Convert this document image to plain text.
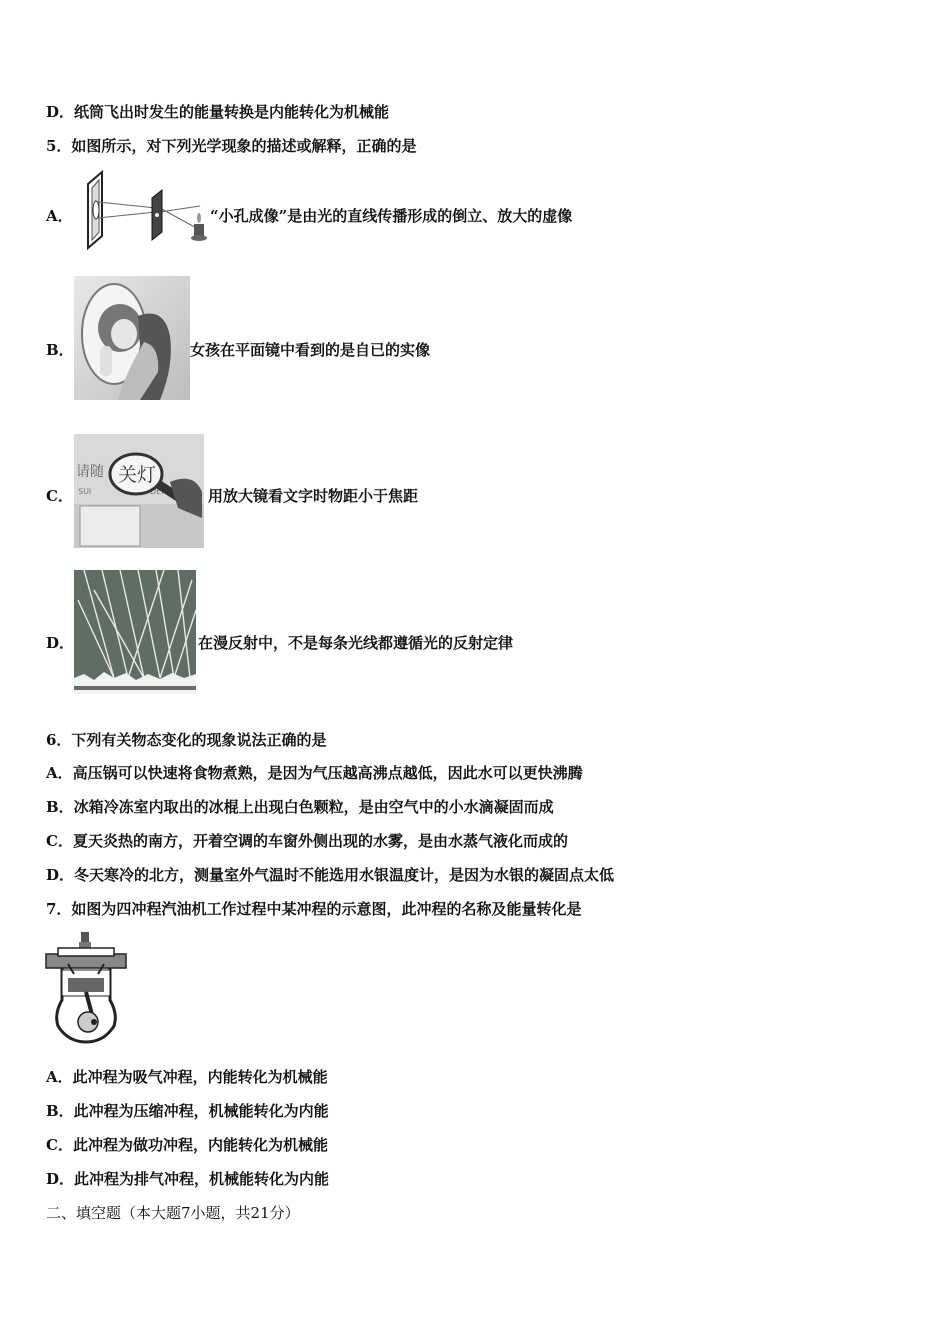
D．纸筒飞出时发生的能量转换是内能转化为机械能
5．如图所示，对下列光学现象的描述或解释，正确的是
A．	“小孔成像”是由光的直线传播形成的倒立、放大的虚像
B．	女孩在平面镜中看到的是自已的实像
C．
请随
SUI
关灯
用放大镜看文字时物距小于焦距
D．	在漫反射中，不是每条光线都遵循光的反射定律
6．下列有关物态变化的现象说法正确的是
A．高压锅可以快速将食物煮熟，是因为气压越高沸点越低，因此水可以更快沸腾
B．冰箱冷冻室内取出的冰棍上出现白色颗粒，是由空气中的小水滴凝固而成
C．夏天炎热的南方，开着空调的车窗外侧出现的水雾，是由水蒸气液化而成的
D．冬天寒冷的北方，测量室外气温时不能选用水银温度计，是因为水银的凝固点太低
7．如图为四冲程汽油机工作过程中某冲程的示意图，此冲程的名称及能量转化是
A．此冲程为吸气冲程，内能转化为机械能
B．此冲程为压缩冲程，机械能转化为内能
C．此冲程为做功冲程，内能转化为机械能
D．此冲程为排气冲程，机械能转化为内能
二、填空题（本大题7小题，共21分）
